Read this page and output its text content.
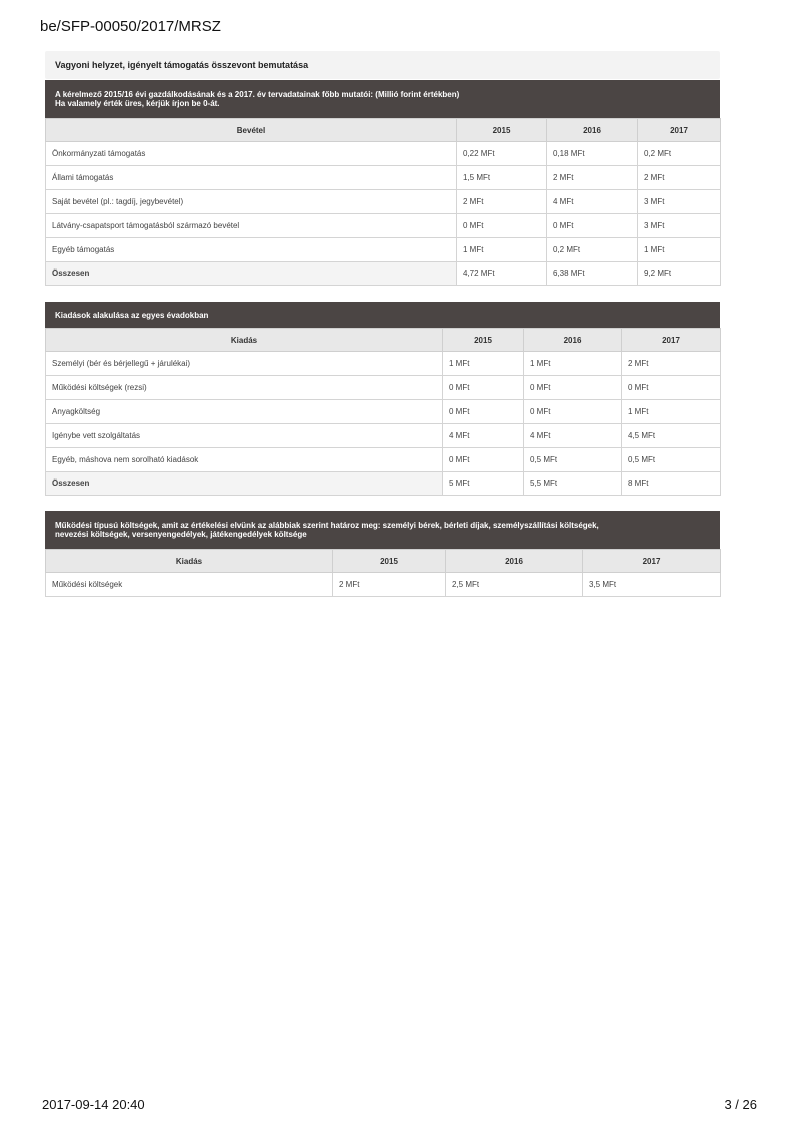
be/SFP-00050/2017/MRSZ
Vagyoni helyzet, igényelt támogatás összevont bemutatása
A kérelmező 2015/16 évi gazdálkodásának és a 2017. év tervadatainak főbb mutatói: (Millió forint értékben)
Ha valamely érték üres, kérjük írjon be 0-át.
Bevétel	2015	2016	2017
Önkormányzati támogatás	0,22 MFt	0,18 MFt	0,2 MFt
Állami támogatás	1,5 MFt	2 MFt	2 MFt
Saját bevétel (pl.: tagdíj, jegybevétel)	2 MFt	4 MFt	3 MFt
Látvány-csapatsport támogatásból származó bevétel	0 MFt	0 MFt	3 MFt
Egyéb támogatás	1 MFt	0,2 MFt	1 MFt
Összesen	4,72 MFt	6,38 MFt	9,2 MFt
Kiadások alakulása az egyes évadokban
Kiadás	2015	2016	2017
Személyi (bér és bérjellegű + járulékai)	1 MFt	1 MFt	2 MFt
Működési költségek (rezsi)	0 MFt	0 MFt	0 MFt
Anyagköltség	0 MFt	0 MFt	1 MFt
Igénybe vett szolgáltatás	4 MFt	4 MFt	4,5 MFt
Egyéb, máshova nem sorolható kiadások	0 MFt	0,5 MFt	0,5 MFt
Összesen	5 MFt	5,5 MFt	8 MFt
Működési típusú költségek, amit az értékelési elvünk az alábbiak szerint határoz meg: személyi bérek, bérleti díjak, személyszállítási költségek,
nevezési költségek, versenyengedélyek, játékengedélyek költsége
Kiadás	2015	2016	2017
Működési költségek	2 MFt	2,5 MFt	3,5 MFt
2017-09-14 20:40	3 / 26
